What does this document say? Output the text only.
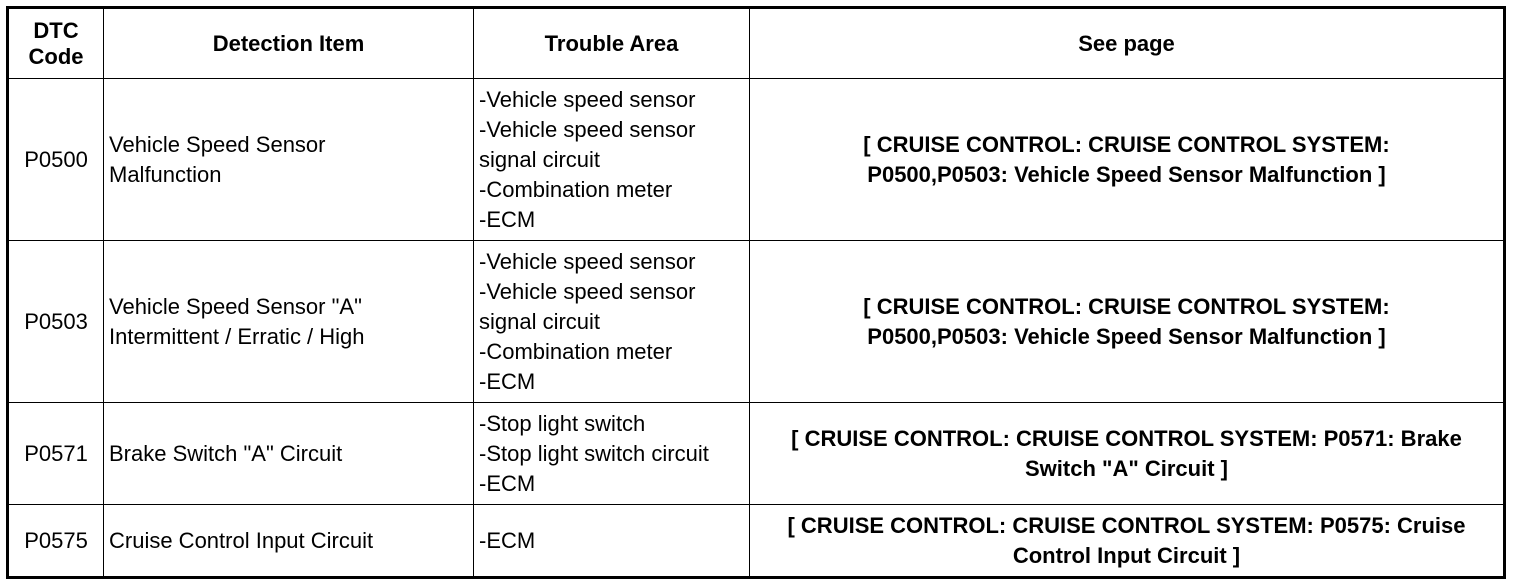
DTC Code	Detection Item	Trouble Area	See page
P0500	Vehicle Speed Sensor Malfunction	-Vehicle speed sensor
-Vehicle speed sensor signal circuit
-Combination meter
-ECM	[ CRUISE CONTROL: CRUISE CONTROL SYSTEM: P0500,P0503: Vehicle Speed Sensor Malfunction ]
P0503	Vehicle Speed Sensor "A" Intermittent / Erratic / High	-Vehicle speed sensor
-Vehicle speed sensor signal circuit
-Combination meter
-ECM	[ CRUISE CONTROL: CRUISE CONTROL SYSTEM: P0500,P0503: Vehicle Speed Sensor Malfunction ]
P0571	Brake Switch "A" Circuit	-Stop light switch
-Stop light switch circuit
-ECM	[ CRUISE CONTROL: CRUISE CONTROL SYSTEM: P0571: Brake Switch "A" Circuit ]
P0575	Cruise Control Input Circuit	-ECM	[ CRUISE CONTROL: CRUISE CONTROL SYSTEM: P0575: Cruise Control Input Circuit ]
